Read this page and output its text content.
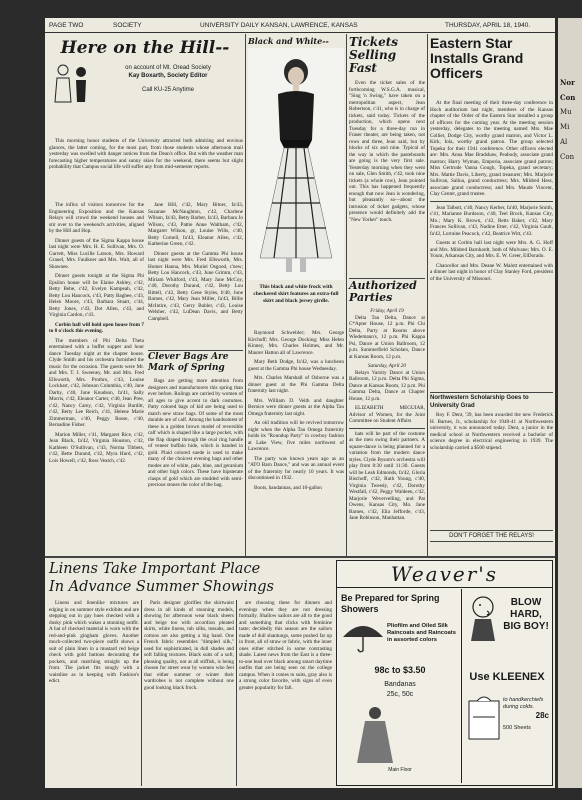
Nor
Con
Mu
Mi
Al
Con
PAGE TWO	SOCIETY	UNIVERSITY DAILY KANSAN, LAWRENCE, KANSAS	THURSDAY, APRIL 18, 1940.
Here on the Hill--
on account of Mt. Oread Society
Kay Boxarth, Society Editor
Call KU-25 Anytime

This morning honor students of the University attracted both admiring and envious glances, the latter coming, for the most part, from those students whose afternoon mail yesterday was swelled with danger notices from the Dean's office. But with the weather man forecasting higher temperatures and sunny skies for the weekend, there seems but slight probability that Campus social life will suffer any from mid-semester reports.

The influx of visitors tomorrow for the Engineering Exposition and the Kansas Relays will crowd the weekend houses and stir over to the weekend's activities, aligned by the Hill and Hop.

Dinner guests of the Sigma Kappa house last night were Mrs. H. E. Sullivan, Mrs. O. Garrett, Miss Lucille Larson, Mrs. Howard Grauel, Mrs. Faulkner and Mrs. Walt, all of Shawnee.

Dinner guests tonight at the Sigma Phi Epsilon house will be Elaine Ashley, c'42, Betty Bebe, c'42, Evelyn Kampeah, c'42, Betty Lou Hancock, c'43, Patty Bagbee, c'43, Helen Moore, c'43, Barbara Stuart, c'44, Betty Jones, c'43, Dot Allen, c'43, and Virginia Cardon, c'43.

Corbin hall will hold open house from 7 to 8 o'clock this evening.

The members of Phi Delta Theta entertained with a buffet supper and hour dance Tuesday night at the chapter house. Clyde Smith and his orchestra furnished the music for the occasion. The guests were Mr. and Mrs. T. J. Sweeney, Mr. and Mrs. Fred Ellsworth, Mrs. Prothro, c'43, Louise Lockhart, c'42, Johnson Columbia, c'40, Jane Darby, c'40, June Knudson, fa'41, Sally Morris, c'42, Eleanor Carter, c'40, Jean Pree, c'42, Nancy Carey, c'42, Virginia Burditt, c'42, Betty Lee Reich, c'41, Helene Marie Zimmerman, c'40, Peggy Rosse, c'40, Bernadine Fisher.

Marion Miller, c'41, Margaret Rice, c'42, Jean Black, fa'42, Virginia Houston, c'42, Kathleen O'Sullivan, c'43, Norma Tibbets, c'42, Bette Durand, c'42, Myra Hurd, c'42, Lois Howell, c'42, Ross Veatch, c'42.

Jane Hill, c'42, Mary Bitner, fa'43, Suzanne McNaughton, c'42, Charlene Wilson, fa'43, Betty Barber, fa'43, Barbara Jo Wilson, c'43, Pattie Anne Waltham, c'42, Margaret Wilson, gr, Louise Wills, c'40, Betty Cornell, fa'43, Eleanor Allen, c'42, Katherine Green, c'42.

Dinner guests at the Gamma Phi house last night were Mrs. Fred Ellsworth, Mrs. Homer Hanna, Mrs. Muriel Osgood, c'new; Betty Lou Hancock, c'43, June Grimm, c'43, Miriam Whitford, c'43, Mary Jane McCoy, c'40, Dorothy Durand, c'42, Betty Lou Bittell, c'42, Betty Gene Styles, b'40, June Barnes, c'42, Mary Jean Miller, fa'43, Billie McIntire, c'43, Gerry Bubler, c'43, Louise Welsher, c'42, LuDean Davis, and Betty Campbell.

Clever Bags Are Mark of Spring

Bags are getting more attention from designers and manufacturers this spring than ever before. Rulings are carried by women of all ages to give accent to dark costumes. Patty colored bags of kid are being used to match new straw bags. Of some of the most durable are of calf. Among the handsomest of these is a golden brown model of reversible calf which is shaped like a large pocket, with the flap draped through the oval ring handle of veneer buffalo hide, which is banded in gold. Plaid colored suede is used to make many of the choicest evening bags and other modes are of white, pale, blue, and geranium and other high colors. These have hipsterate clasps of gold which are studded with semi-precious stones the color of the bag.

Black and White--
This black and white frock with checkered skirt features an extra-full skirt and black jersey girdle.

Raymond Schwebler; Mrs. George Kirchoff; Mrs. George Docking; Miss Helen Kinney, Mrs. Charles Holmes, and Mr. Maurer Hatton all of Lawrence.

Mary Beth Dodge, fa'42, was a luncheon guest at the Gamma Phi house Wednesday.

Mrs. Charles Marshall of Osborne was a dinner guest at the Phi Gamma Delta fraternity last night.

Mrs. William D. Veith and daughter Bernice were dinner guests at the Alpha Tau Omega fraternity last night.

An old tradition will be revived tomorrow night when the Alpha Tau Omega fraternity holds its "Roundup Party" in cowboy fashion at Lake View, five miles northwest of Lawrence.

The party was known years ago as an "ATO Barn Dance," and was an annual event of the fraternity for nearly 10 years. It was discontinued in 1932.

Boots, bandannas, and 10-gallon

Tickets Selling Fast

Even the ticket sales of the forthcoming W.S.G.A. musical, "Sing 'n Swing," have taken on a metropolitan aspect, Jean Robertson, c'41, who is in charge of tickets, said today. Tickets of the production, which opens next Tuesday for a three-day run in Fraser theater, are being taken, not rows and three, Jean said, but by blocks of six and nine. Typical of the way in which the pasteboards are going is the very first sale. Yesterday morning when they went on sale, Glen Smith, c'42, took nine tickets (a whole row), Jean pointed out. This has happened frequently enough that now Jean is wondering, but pleasantly so—about the intrusion of ticket gadgets, whose presence would definitely add the "New Yorker" touch.

Authorized Parties
Friday, April 19

Delta Tau Delta, Dance at C*Apter House, 12 p.m. Phi Chi Delta, Party at Rooms above Wiedemann's, 12 p.m. Phi Kappa Psi, Dance at Union Ballroom, 12 p.m. Summerfield Scholars, Dance at Kansas Room, 12 p.m.

Saturday, April 20

Relays Varsity Dance at Union Ballroom, 12 p.m. Delta Phi Sigma, Dance at Kansas Room, 12 p.m. Phi Gamma Delta, Dance at Chapter House, 12 p.m.

ELIZABETH MEGUIAR, Advisor of Women, for the Joint Committee on Student Affairs

hats will be part of the costume as the men swing their partners. A square-dance is being planned for a variation from the modern dance styles. Clyde Bysom's orchestra will play from 8:30 until 11:30. Guests will be Leah Edmonds, fa'42, Gloria Bischoff, c'42, Ruth Young, c'40, Virginia Tweedy, c'42, Dorothy Westfall, c'42, Peggy Waldeen, c'42, Marjorie Wevervelling, and Pat Owens, Kansas City, Mo. Jane Barnes, c'42, Elia Jefforde, c'43, Jane Robinson, Manhattan.

Eastern Star Installs Grand Officers

At the final meeting of their three-day conference in Hoch auditorium last night, members of the Kansas chapter of the Order of the Eastern Star installed a group of officers for the coming year. At the meeting session yesterday, delegates to the meeting named Mrs. Mae Collier, Dodge City, worthy grand matron, and Victor L. Kirk, Iola, worthy grand patron. The group selected Topeka for their 1941 conference. Other officers elected are: Mrs. Anna Mae Bradshaw, Peabody, associate grand matron; Harry Wyman, Emporia, associate grand patron; Miss Gertrude Vanna Gough, Topeka, grand secretary; Mrs. Mattie Davis, Liberty, grand treasurer; Mrs. Marjorie Sullivan, Salina, grand conductress; Mrs. Mildred Hess, associate grand conductress; and Mrs. Maude Vincent, Clay Center, grand trustee.

Jean Talbott, c'40, Nancy Kerber, fa'40, Marjorie Smith, c'41, Marianne Burdsson, c'40, Teel Brock, Kansas City, Mo.; Mary K. Brown, c'42, Betts Baker, c'42, Mary Frances Sullivan, c'43, Nadine Etter, c'42, Virginia Gault, fa'42, Lorraine Peacock, c'42, Beatrice Witt, c'43.

Guests at Corbin hall last night were Mrs. A. G. Hoff and Mrs. Mildred Barnhardt, both of Mulvane; Mrs. O. E. Yount, Arkansas City, and Mrs. E. W. Greer, ElDorado.

Chancellor and Mrs. Deane W. Malott entertained with a dinner last night in honor of Clay Stanley Ford, president of the University of Missouri.

Northwestern Scholarship Goes to University Grad

Roy F. Dent, '39, has been awarded the new Frederick H. Barnes, Jr., scholarship for 1940-41 at Northwestern university, it was announced today. Dent, a junior in the medical school at Northwestern received a bachelor of science degree in electrical engineering in 1939. The scholarship carried a $500 stipend.

DON'T FORGET THE RELAYS!
Linens Take Important Place
In Advance Summer Showings

Linens and linenlike mixtures are edging in on summer style exhibits and are stepping out in gay hues checked with a dusky pink which wakes a stunning outfit. A hat of checked material is worn with the red-and-pink gingham gloves. Another much-collected two-piece outfit shows a suit of plain linen in a mustard red beige check with gold buttons decorating the pockets, and matching straight up the front. The jacket fits snugly with a waistline as in keeping with Fashion's edict.

Paris designer glorifies the shirtwaist dress in all kinds of stunning models, showing for afternoon wear black sheers and beige too with accordion pleated skirts, white linens, tub silks, tussahs, and cottons are also getting a big hand. One French fabric resembles "dimpled silk," used for sophisticated, in dull shades and soft falling textures. Black suits of a soft, pleasing quality, not at all stiffish, is being chosen for street wear by women who feel that either summer or winter their wardrobes is not complete without one good looking black frock.

are choosing these for dinners and evenings when they are not dressing formally. Shallow sailors are all to the good and something that clicks with feminine taste; decidedly this season are the sailors made of dull shantungs, some pushed far up in front, all of straw or fabric, with the inner ones either stitched in some contrasting shade. Latest news from the East is a three-to-one lead over black among smart daytime outfits that are being seen on the college campus. When it comes to suits, gray also is a strong color favorite, with signs of even greater popularity for fall.

Weaver's
Be Prepared for Spring Showers
Pliofilm and Oiled Silk Raincoats and Raincoats in assorted colors
98c to $3.50
Bandanas
25c, 50c
Main Floor
BLOW HARD, BIG BOY!
Use KLEENEX
to handkerchiefs during colds.
500 Sheets
28c
